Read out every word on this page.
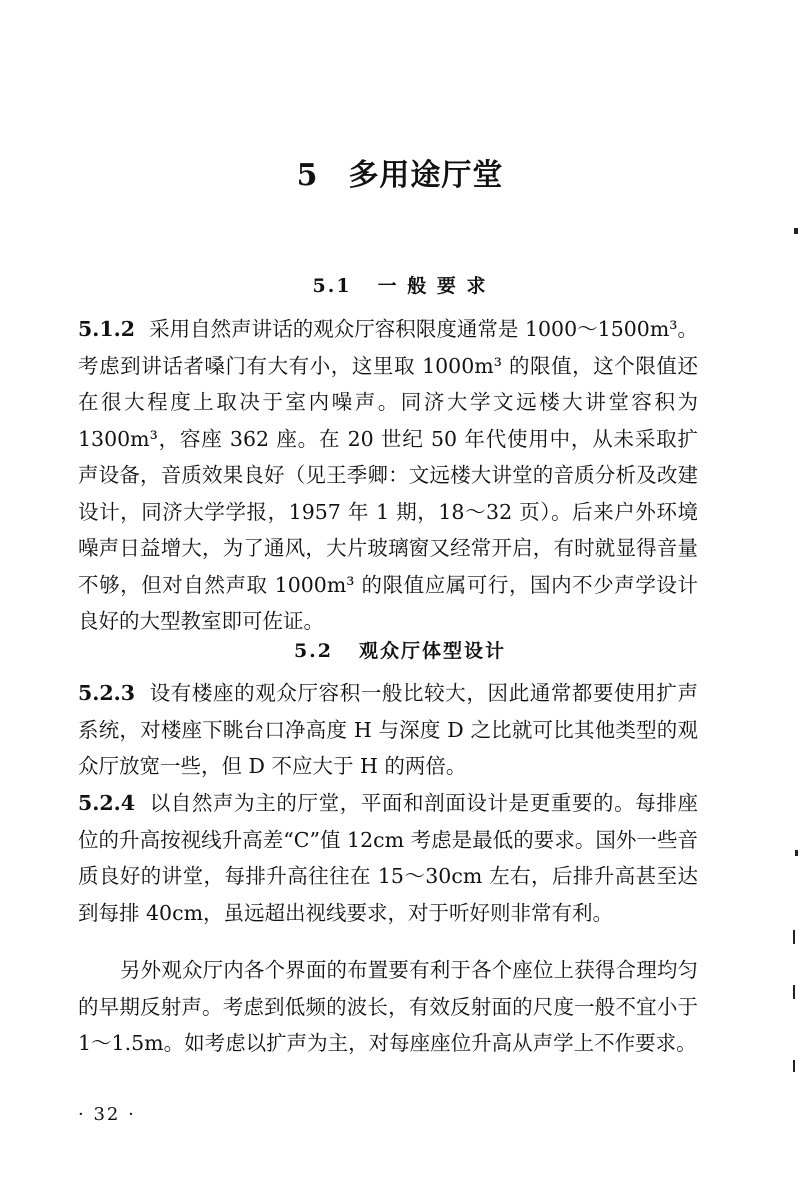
5 多用途厅堂
5.1 一 般 要 求

5.1.2 采用自然声讲话的观众厅容积限度通常是 1000～1500m³。考虑到讲话者嗓门有大有小，这里取 1000m³ 的限值，这个限值还在很大程度上取决于室内噪声。同济大学文远楼大讲堂容积为 1300m³，容座 362 座。在 20 世纪 50 年代使用中，从未采取扩声设备，音质效果良好（见王季卿：文远楼大讲堂的音质分析及改建设计，同济大学学报，1957 年 1 期，18～32 页）。后来户外环境噪声日益增大，为了通风，大片玻璃窗又经常开启，有时就显得音量不够，但对自然声取 1000m³ 的限值应属可行，国内不少声学设计良好的大型教室即可佐证。

5.2 观众厅体型设计

5.2.3 设有楼座的观众厅容积一般比较大，因此通常都要使用扩声系统，对楼座下眺台口净高度 H 与深度 D 之比就可比其他类型的观众厅放宽一些，但 D 不应大于 H 的两倍。

5.2.4 以自然声为主的厅堂，平面和剖面设计是更重要的。每排座位的升高按视线升高差“C”值 12cm 考虑是最低的要求。国外一些音质良好的讲堂，每排升高往往在 15～30cm 左右，后排升高甚至达到每排 40cm，虽远超出视线要求，对于听好则非常有利。

另外观众厅内各个界面的布置要有利于各个座位上获得合理均匀的早期反射声。考虑到低频的波长，有效反射面的尺度一般不宜小于 1～1.5m。如考虑以扩声为主，对每座座位升高从声学上不作要求。

· 32 ·
